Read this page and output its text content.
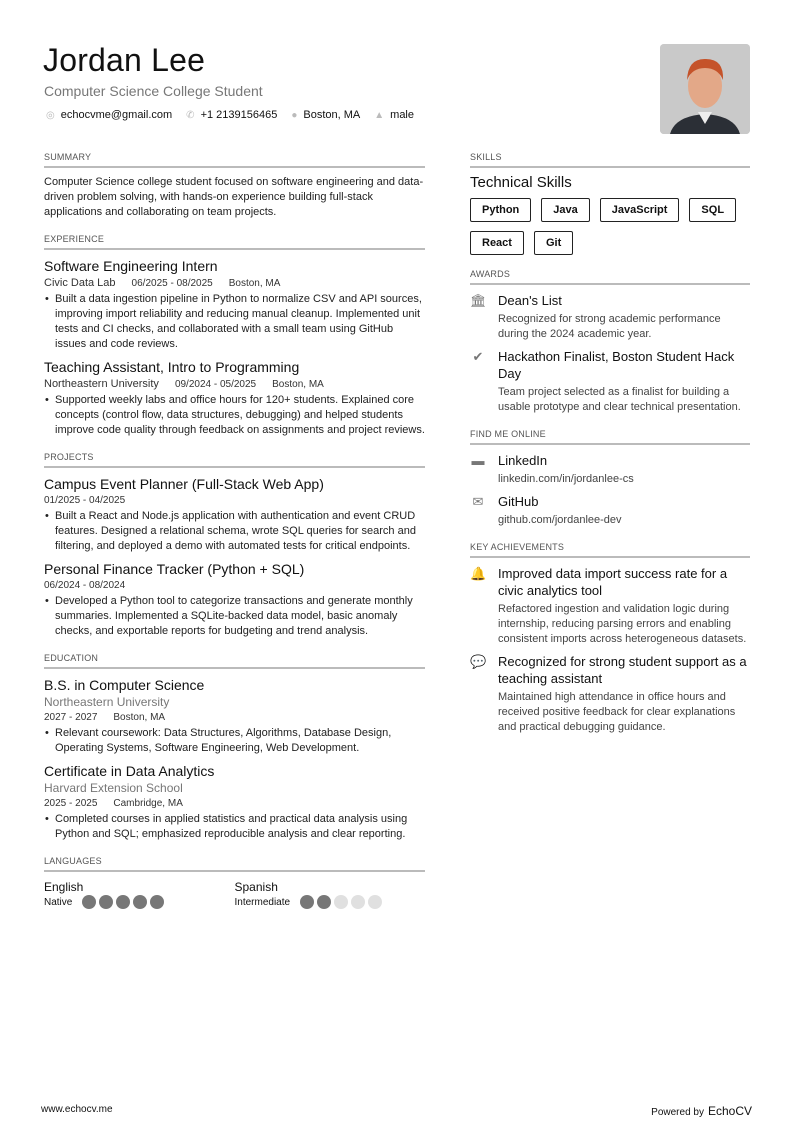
Jordan Lee
Computer Science College Student
◎ echocvme@gmail.com ✆ +1 2139156465 ● Boston, MA ▲ male
SUMMARY
Computer Science college student focused on software engineering and data-driven problem solving, with hands-on experience building full-stack applications and collaborating on team projects.
EXPERIENCE
Software Engineering Intern
Civic Data Lab 06/2025 - 08/2025 Boston, MA
• Built a data ingestion pipeline in Python to normalize CSV and API sources, improving import reliability and reducing manual cleanup. Implemented unit tests and CI checks, and collaborated with a small team using GitHub issues and code reviews.
Teaching Assistant, Intro to Programming
Northeastern University 09/2024 - 05/2025 Boston, MA
• Supported weekly labs and office hours for 120+ students. Explained core concepts (control flow, data structures, debugging) and helped students improve code quality through feedback on assignments and project reviews.
PROJECTS
Campus Event Planner (Full-Stack Web App)
01/2025 - 04/2025
• Built a React and Node.js application with authentication and event CRUD features. Designed a relational schema, wrote SQL queries for search and filtering, and deployed a demo with automated tests for critical endpoints.
Personal Finance Tracker (Python + SQL)
06/2024 - 08/2024
• Developed a Python tool to categorize transactions and generate monthly summaries. Implemented a SQLite-backed data model, basic anomaly checks, and exportable reports for budgeting and trend analysis.
EDUCATION
B.S. in Computer Science
Northeastern University
2027 - 2027 Boston, MA
• Relevant coursework: Data Structures, Algorithms, Database Design, Operating Systems, Software Engineering, Web Development.
Certificate in Data Analytics
Harvard Extension School
2025 - 2025 Cambridge, MA
• Completed courses in applied statistics and practical data analysis using Python and SQL; emphasized reproducible analysis and clear reporting.
LANGUAGES
English
Native
Spanish
Intermediate
SKILLS
Technical Skills
Python	Java	JavaScript	SQL
React	Git
AWARDS
🏛 Dean's List
Recognized for strong academic performance during the 2024 academic year.
✔ Hackathon Finalist, Boston Student Hack Day
Team project selected as a finalist for building a usable prototype and clear technical presentation.
FIND ME ONLINE
▬ LinkedIn
linkedin.com/in/jordanlee-cs
✉ GitHub
github.com/jordanlee-dev
KEY ACHIEVEMENTS
🔔 Improved data import success rate for a civic analytics tool
Refactored ingestion and validation logic during internship, reducing parsing errors and enabling consistent imports across heterogeneous datasets.
💬 Recognized for strong student support as a teaching assistant
Maintained high attendance in office hours and received positive feedback for clear explanations and practical debugging guidance.
www.echocv.me	Powered by EchoCV
